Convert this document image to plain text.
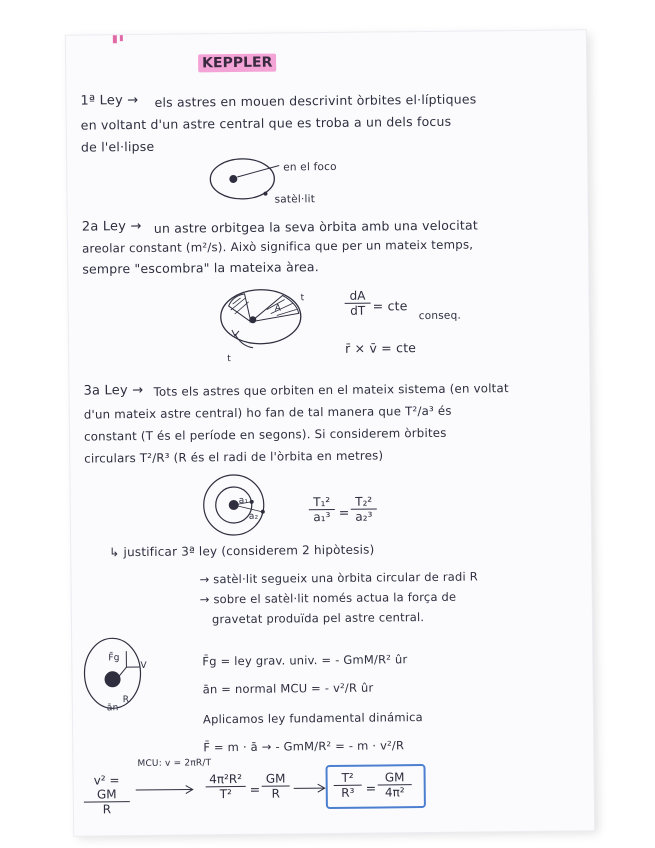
KEPPLER
1ª Ley → els astres en mouen descrivint òrbites el·líptiques
en voltant d'un astre central que es troba a un dels focus
de l'el·lipse
en el foco
satèl·lit
2a Ley → un astre orbitgea la seva òrbita amb una velocitat
areolar constant (m²/s). Això significa que per un mateix temps,
sempre "escombra" la mateixa àrea.
t
t
A	$\frac{dA}{dT}$ = cte
conseq.
r̄ × v̄ = cte
3a Ley → Tots els astres que orbiten en el mateix sistema (en voltat
d'un mateix astre central) ho fan de tal manera que T²/a³ és
constant (T és el període en segons). Si considerem òrbites
circulars T²/R³ (R és el radi de l'òrbita en metres)
a₁
a₂	$\frac{\text{T₁²}}{\text{a₁³}} = \frac{\text{T₂²}}{\text{a₂³}}$
↳ justificar 3ª ley (considerem 2 hipòtesis)
→ satèl·lit segueix una òrbita circular de radi R
→ sobre el satèl·lit només actua la força de
gravetat produïda pel astre central.
F̄g
V
R
ān
F̄g = ley grav. univ. = - GmM/R² ûr
ān = normal MCU = - v²/R ûr
Aplicamos ley fundamental dinámica
F̄ = m · ā → - GmM/R² = - m · v²/R
MCU: v = 2πR/T
$\frac{\text{v² = GM}}{R}$	$\frac{\text{4π²R²}}{\text{T²}} = \frac{GM}{R}$	$\frac{\text{T²}}{\text{R³}} = \frac{GM}{\text{4π²}}$
